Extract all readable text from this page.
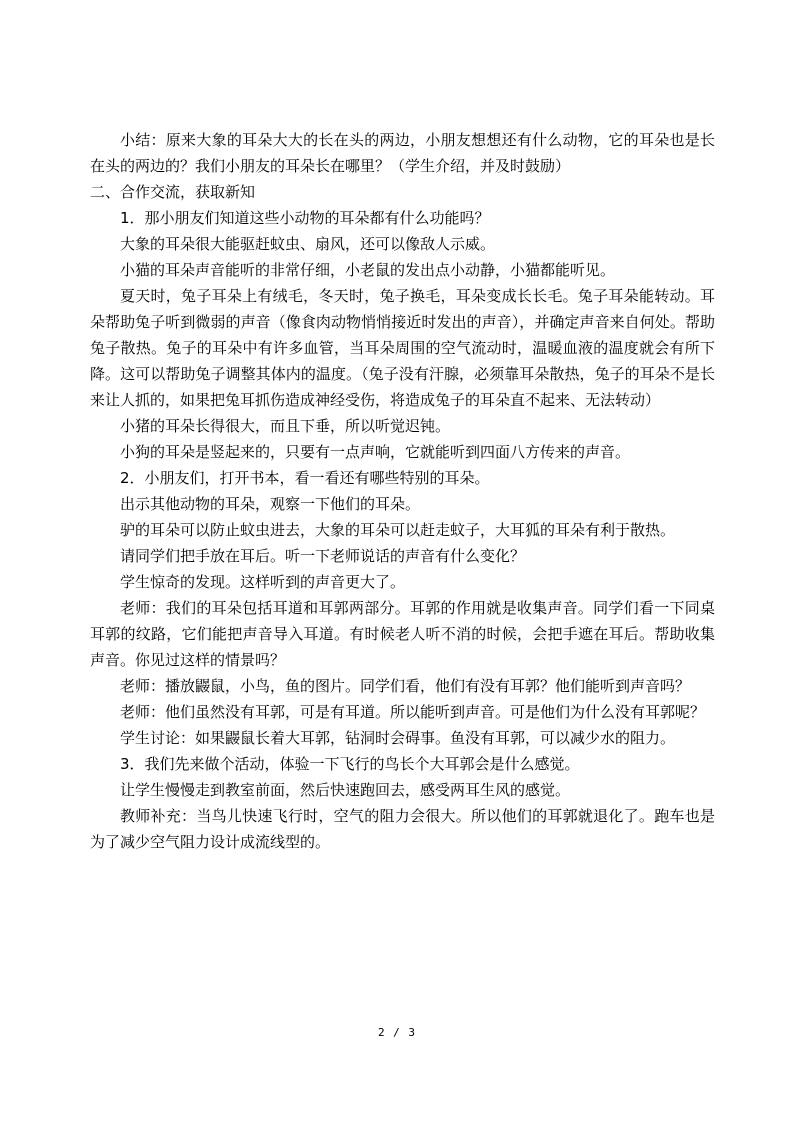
小结：原来大象的耳朵大大的长在头的两边，小朋友想想还有什么动物，它的耳朵也是长在头的两边的？我们小朋友的耳朵长在哪里？（学生介绍，并及时鼓励）

二、合作交流，获取新知

1．那小朋友们知道这些小动物的耳朵都有什么功能吗？

大象的耳朵很大能驱赶蚊虫、扇风，还可以像敌人示威。

小猫的耳朵声音能听的非常仔细，小老鼠的发出点小动静，小猫都能听见。

夏天时，兔子耳朵上有绒毛，冬天时，兔子换毛，耳朵变成长长毛。兔子耳朵能转动。耳朵帮助兔子听到微弱的声音（像食肉动物悄悄接近时发出的声音），并确定声音来自何处。帮助兔子散热。兔子的耳朵中有许多血管，当耳朵周围的空气流动时，温暖血液的温度就会有所下降。这可以帮助兔子调整其体内的温度。（兔子没有汗腺，必须靠耳朵散热，兔子的耳朵不是长来让人抓的，如果把兔耳抓伤造成神经受伤，将造成兔子的耳朵直不起来、无法转动）

小猪的耳朵长得很大，而且下垂，所以听觉迟钝。

小狗的耳朵是竖起来的，只要有一点声响，它就能听到四面八方传来的声音。

2．小朋友们，打开书本，看一看还有哪些特别的耳朵。

出示其他动物的耳朵，观察一下他们的耳朵。

驴的耳朵可以防止蚊虫进去，大象的耳朵可以赶走蚊子，大耳狐的耳朵有利于散热。

请同学们把手放在耳后。听一下老师说话的声音有什么变化？

学生惊奇的发现。这样听到的声音更大了。

老师：我们的耳朵包括耳道和耳郭两部分。耳郭的作用就是收集声音。同学们看一下同桌耳郭的纹路，它们能把声音导入耳道。有时候老人听不消的时候，会把手遮在耳后。帮助收集声音。你见过这样的情景吗？

老师：播放鼹鼠，小鸟，鱼的图片。同学们看，他们有没有耳郭？他们能听到声音吗？

老师：他们虽然没有耳郭，可是有耳道。所以能听到声音。可是他们为什么没有耳郭呢？

学生讨论：如果鼹鼠长着大耳郭，钻洞时会碍事。鱼没有耳郭，可以减少水的阻力。

3．我们先来做个活动，体验一下飞行的鸟长个大耳郭会是什么感觉。

让学生慢慢走到教室前面，然后快速跑回去，感受两耳生风的感觉。

教师补充：当鸟儿快速飞行时，空气的阻力会很大。所以他们的耳郭就退化了。跑车也是为了减少空气阻力设计成流线型的。

2 / 3
